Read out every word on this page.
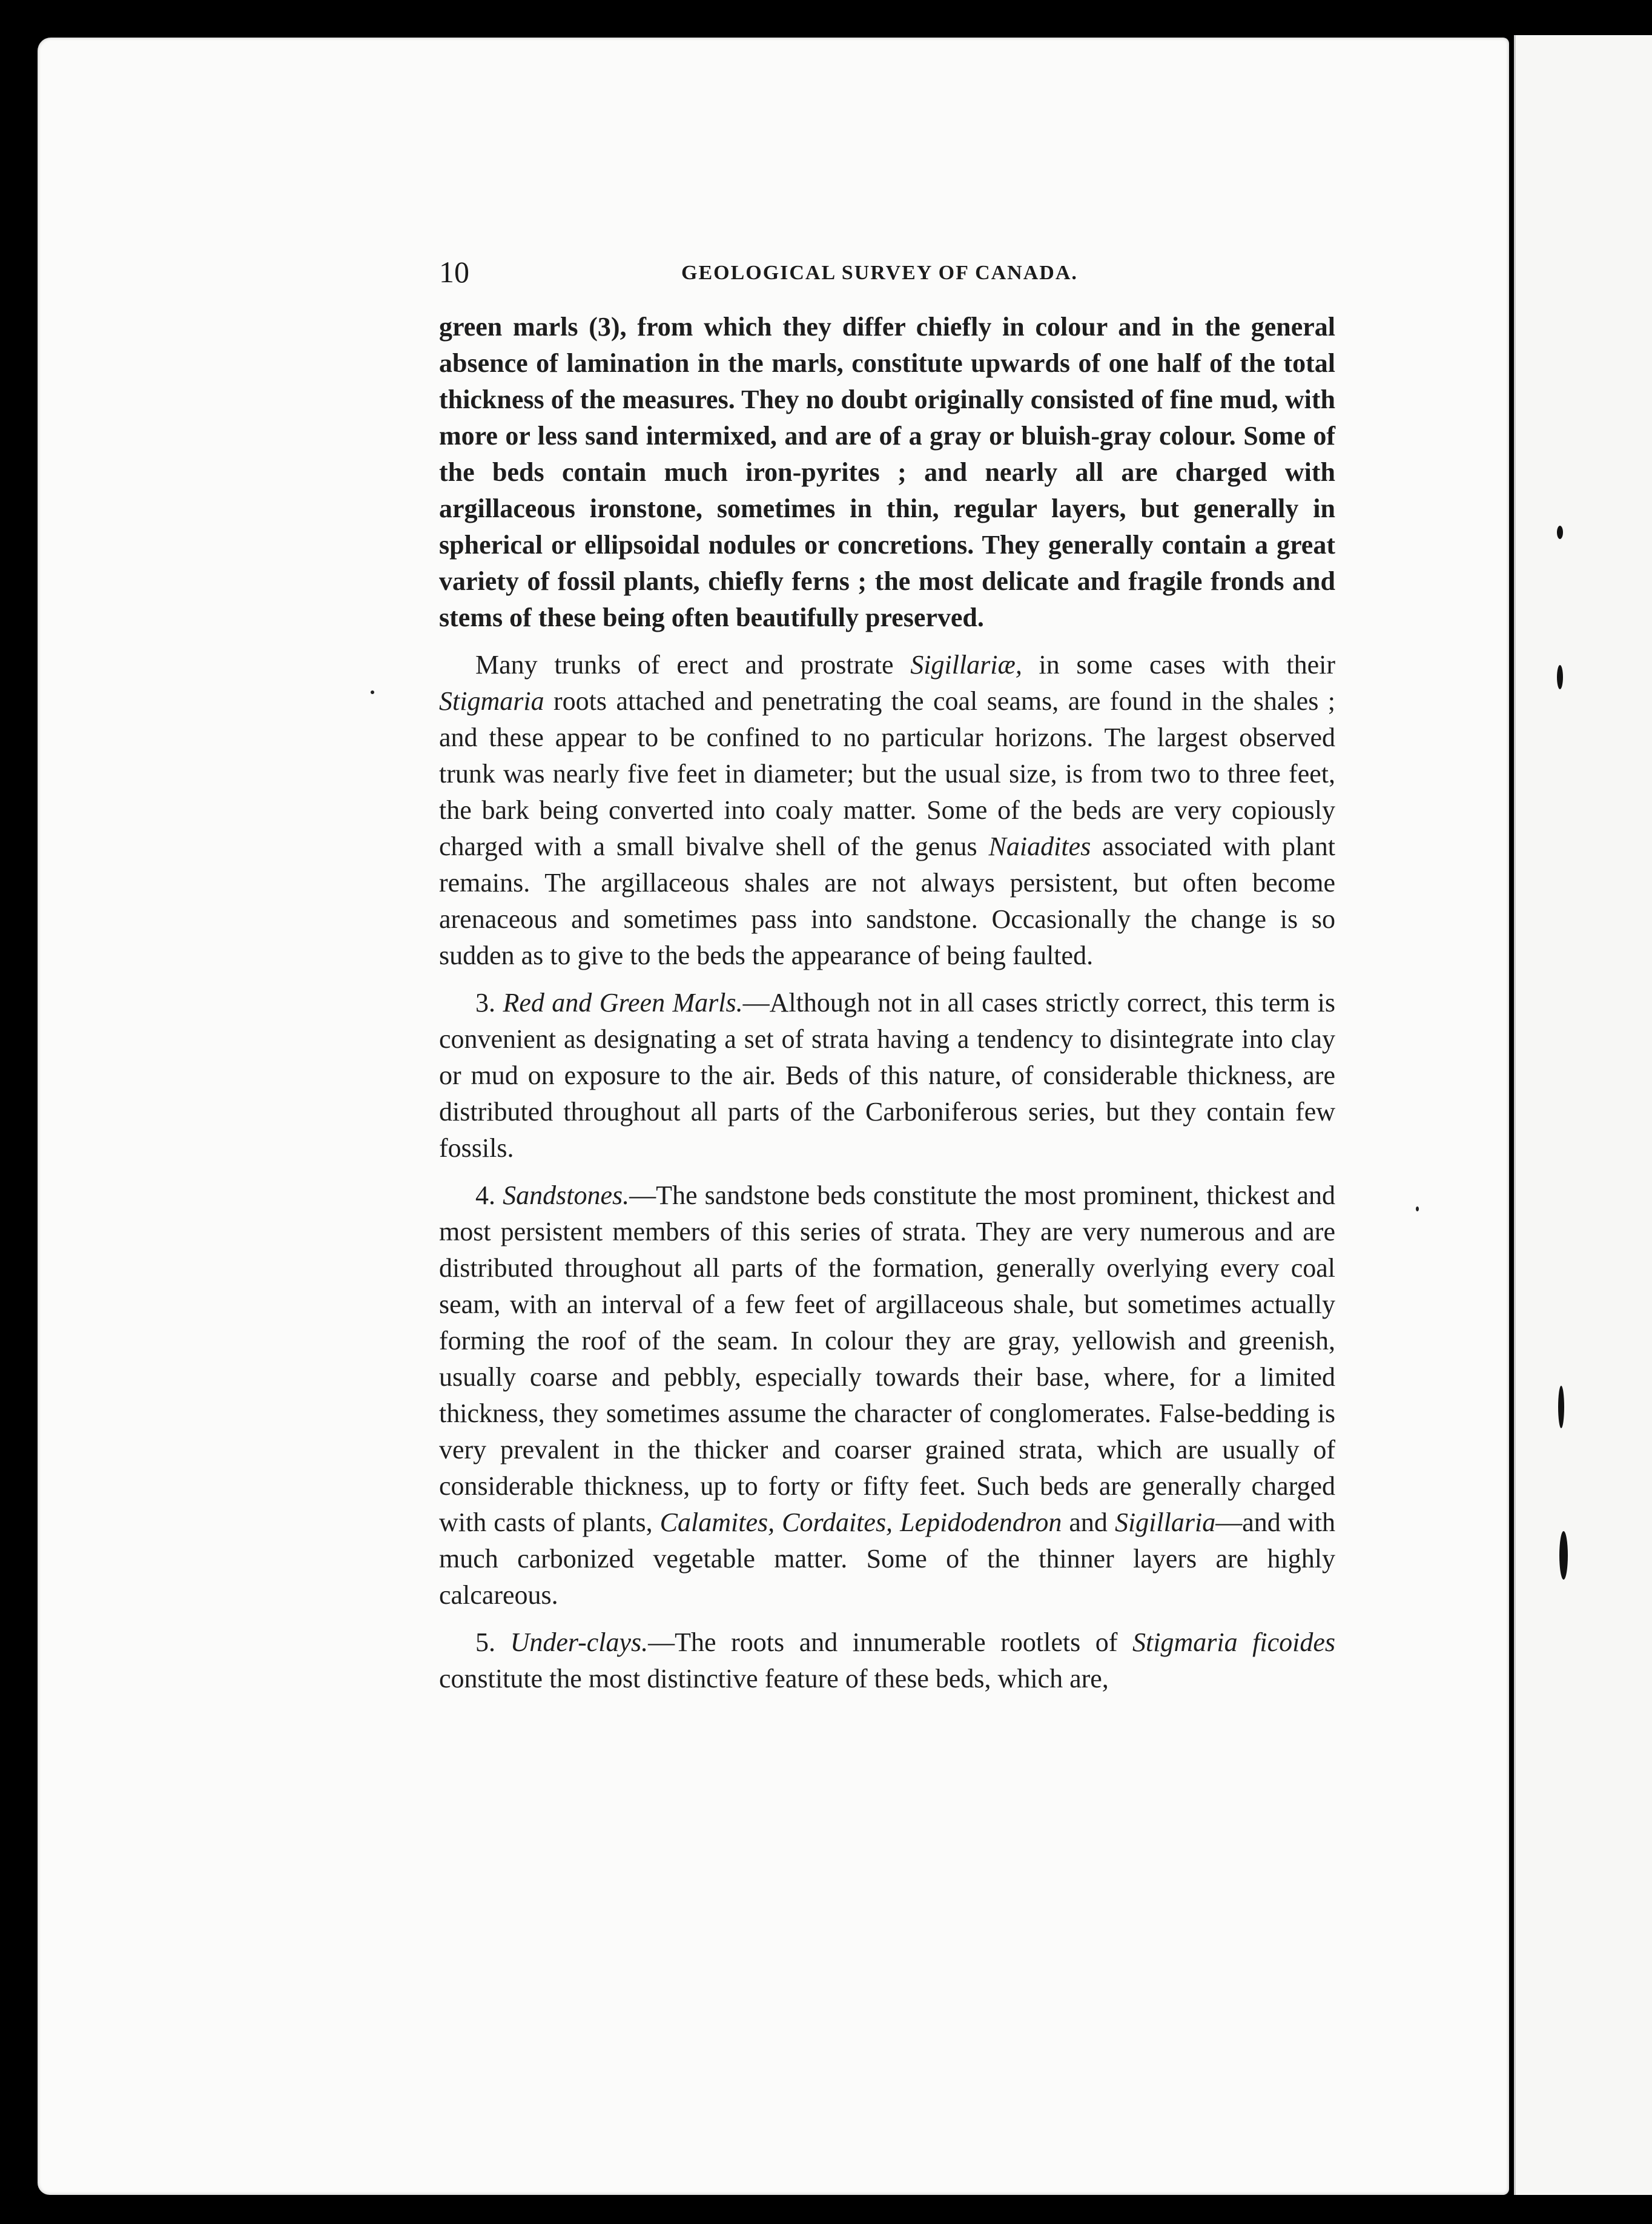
10	GEOLOGICAL SURVEY OF CANADA.

green marls (3), from which they differ chiefly in colour and in the general absence of lamination in the marls, constitute upwards of one half of the total thickness of the measures. They no doubt originally consisted of fine mud, with more or less sand intermixed, and are of a gray or bluish-gray colour. Some of the beds contain much iron-pyrites ; and nearly all are charged with argillaceous ironstone, sometimes in thin, regular layers, but generally in spherical or ellipsoidal nodules or concretions. They generally contain a great variety of fossil plants, chiefly ferns ; the most delicate and fragile fronds and stems of these being often beautifully preserved.

Many trunks of erect and prostrate Sigillariæ, in some cases with their Stigmaria roots attached and penetrating the coal seams, are found in the shales ; and these appear to be confined to no particular horizons. The largest observed trunk was nearly five feet in diameter; but the usual size, is from two to three feet, the bark being converted into coaly matter. Some of the beds are very copiously charged with a small bivalve shell of the genus Naiadites associated with plant remains. The argillaceous shales are not always persistent, but often become arenaceous and sometimes pass into sandstone. Occasionally the change is so sudden as to give to the beds the appearance of being faulted.

3. Red and Green Marls.—Although not in all cases strictly correct, this term is convenient as designating a set of strata having a tendency to disintegrate into clay or mud on exposure to the air. Beds of this nature, of considerable thickness, are distributed throughout all parts of the Carboniferous series, but they contain few fossils.

4. Sandstones.—The sandstone beds constitute the most prominent, thickest and most persistent members of this series of strata. They are very numerous and are distributed throughout all parts of the formation, generally overlying every coal seam, with an interval of a few feet of argillaceous shale, but sometimes actually forming the roof of the seam. In colour they are gray, yellowish and greenish, usually coarse and pebbly, especially towards their base, where, for a limited thickness, they sometimes assume the character of conglomerates. False-bedding is very prevalent in the thicker and coarser grained strata, which are usually of considerable thickness, up to forty or fifty feet. Such beds are generally charged with casts of plants, Calamites, Cordaites, Lepidodendron and Sigillaria—and with much carbonized vegetable matter. Some of the thinner layers are highly calcareous.

5. Under-clays.—The roots and innumerable rootlets of Stigmaria ficoides constitute the most distinctive feature of these beds, which are,
